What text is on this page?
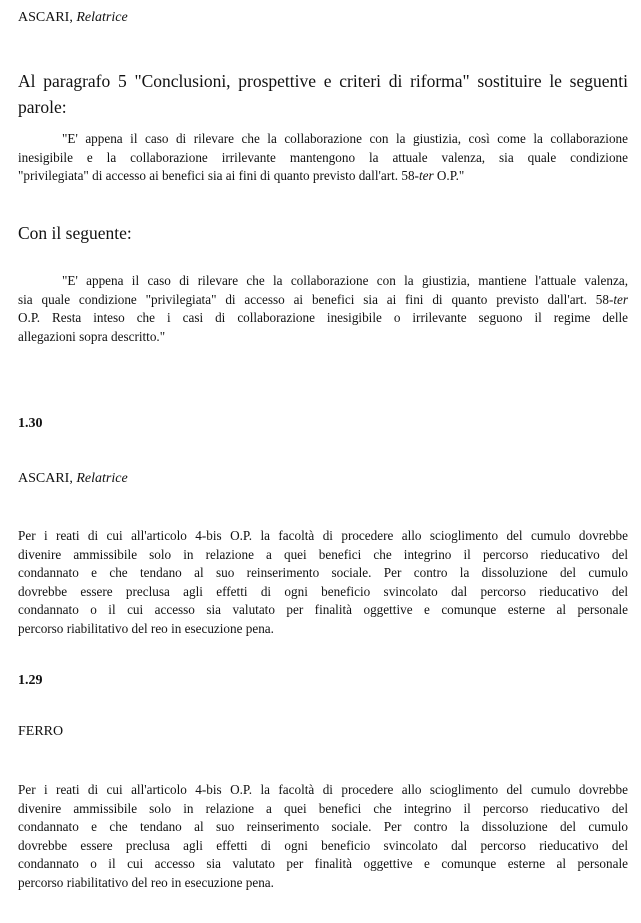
ASCARI, Relatrice

Al paragrafo 5 "Conclusioni, prospettive e criteri di riforma" sostituire le seguenti
parole:
"E' appena il caso di rilevare che la collaborazione con la giustizia, così come la collaborazione
inesigibile e la collaborazione irrilevante mantengono la attuale valenza, sia quale condizione
"privilegiata" di accesso ai benefici sia ai fini di quanto previsto dall'art. 58-ter O.P."

Con il seguente:

"E' appena il caso di rilevare che la collaborazione con la giustizia, mantiene l'attuale valenza,
sia quale condizione "privilegiata" di accesso ai benefici sia ai fini di quanto previsto dall'art. 58-ter
O.P. Resta inteso che i casi di collaborazione inesigibile o irrilevante seguono il regime delle
allegazioni sopra descritto."

1.30

ASCARI, Relatrice

Per i reati di cui all'articolo 4-bis O.P. la facoltà di procedere allo scioglimento del cumulo dovrebbe
divenire ammissibile solo in relazione a quei benefici che integrino il percorso rieducativo del
condannato e che tendano al suo reinserimento sociale. Per contro la dissoluzione del cumulo
dovrebbe essere preclusa agli effetti di ogni beneficio svincolato dal percorso rieducativo del
condannato o il cui accesso sia valutato per finalità oggettive e comunque esterne al personale
percorso riabilitativo del reo in esecuzione pena.

1.29

FERRO

Per i reati di cui all'articolo 4-bis O.P. la facoltà di procedere allo scioglimento del cumulo dovrebbe
divenire ammissibile solo in relazione a quei benefici che integrino il percorso rieducativo del
condannato e che tendano al suo reinserimento sociale. Per contro la dissoluzione del cumulo
dovrebbe essere preclusa agli effetti di ogni beneficio svincolato dal percorso rieducativo del
condannato o il cui accesso sia valutato per finalità oggettive e comunque esterne al personale
percorso riabilitativo del reo in esecuzione pena.
